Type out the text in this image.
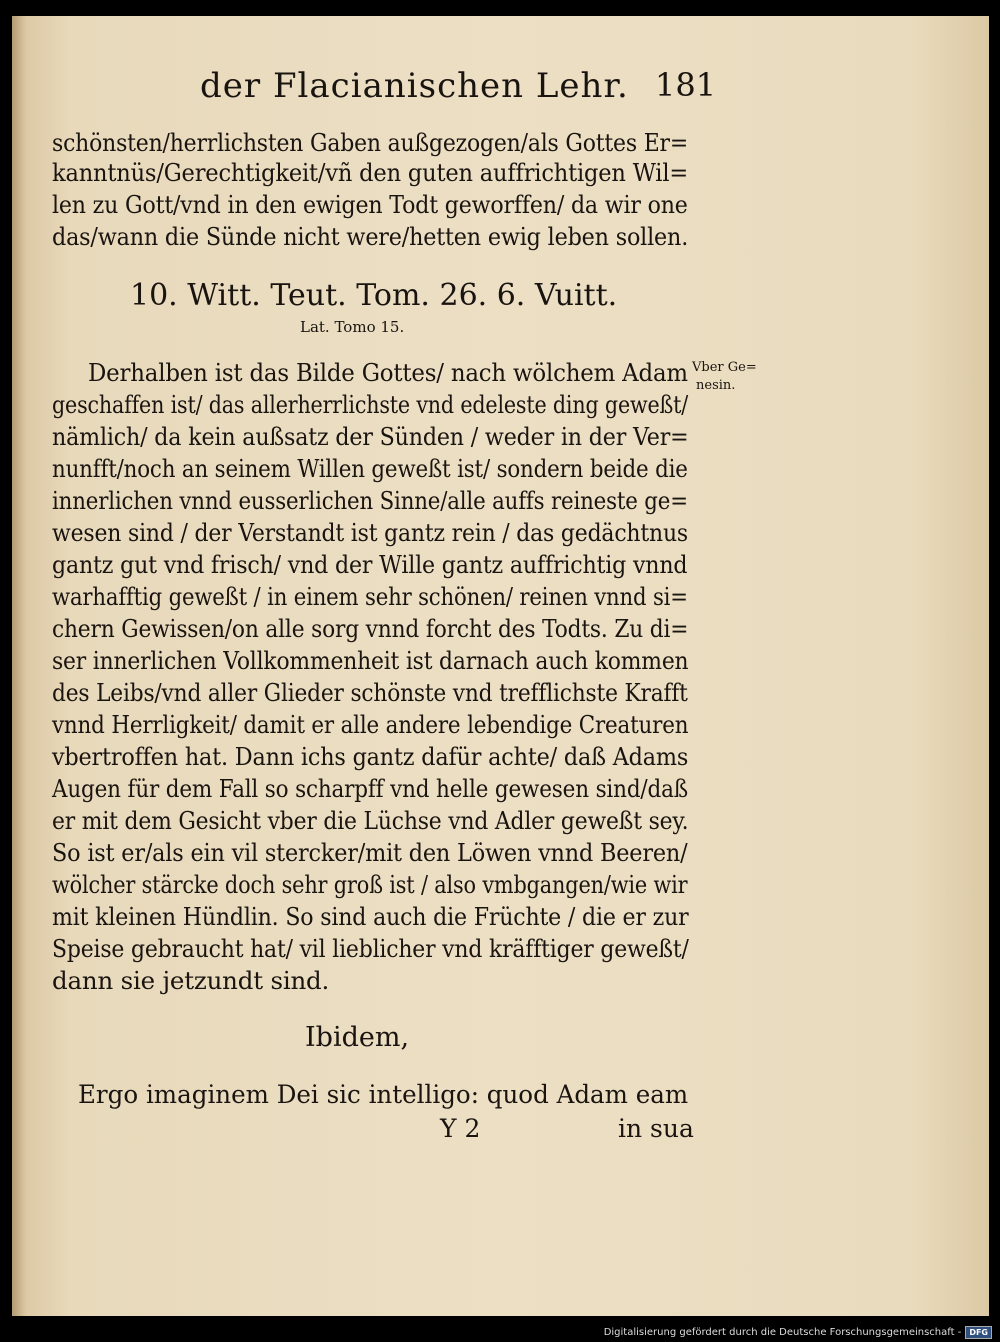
der Flacianischen Lehr. 181
schönsten/herrlichsten Gaben außgezogen/als Gottes Er=
kanntnüs/Gerechtigkeit/vñ den guten auffrichtigen Wil=
len zu Gott/vnd in den ewigen Todt geworffen/ da wir one
das/wann die Sünde nicht were/hetten ewig leben sollen.
10. Witt. Teut. Tom. 26. 6. Vuitt.
Lat. Tomo 15.
Vber Ge=
nesin.
Derhalben ist das Bilde Gottes/ nach wölchem Adam
geschaffen ist/ das allerherrlichste vnd edeleste ding geweßt/
nämlich/ da kein außsatz der Sünden / weder in der Ver=
nunfft/noch an seinem Willen geweßt ist/ sondern beide die
innerlichen vnnd eusserlichen Sinne/alle auffs reineste ge=
wesen sind / der Verstandt ist gantz rein / das gedächtnus
gantz gut vnd frisch/ vnd der Wille gantz auffrichtig vnnd
warhafftig geweßt / in einem sehr schönen/ reinen vnnd si=
chern Gewissen/on alle sorg vnnd forcht des Todts. Zu di=
ser innerlichen Vollkommenheit ist darnach auch kommen
des Leibs/vnd aller Glieder schönste vnd trefflichste Krafft
vnnd Herrligkeit/ damit er alle andere lebendige Creaturen
vbertroffen hat. Dann ichs gantz dafür achte/ daß Adams
Augen für dem Fall so scharpff vnd helle gewesen sind/daß
er mit dem Gesicht vber die Lüchse vnd Adler geweßt sey.
So ist er/als ein vil stercker/mit den Löwen vnnd Beeren/
wölcher stärcke doch sehr groß ist / also vmbgangen/wie wir
mit kleinen Hündlin. So sind auch die Früchte / die er zur
Speise gebraucht hat/ vil lieblicher vnd kräfftiger geweßt/
dann sie jetzundt sind.
Ibidem,
Ergo imaginem Dei sic intelligo: quod Adam eam
Y 2	in sua
Digitalisierung gefördert durch die Deutsche Forschungsgemeinschaft -	DFG
